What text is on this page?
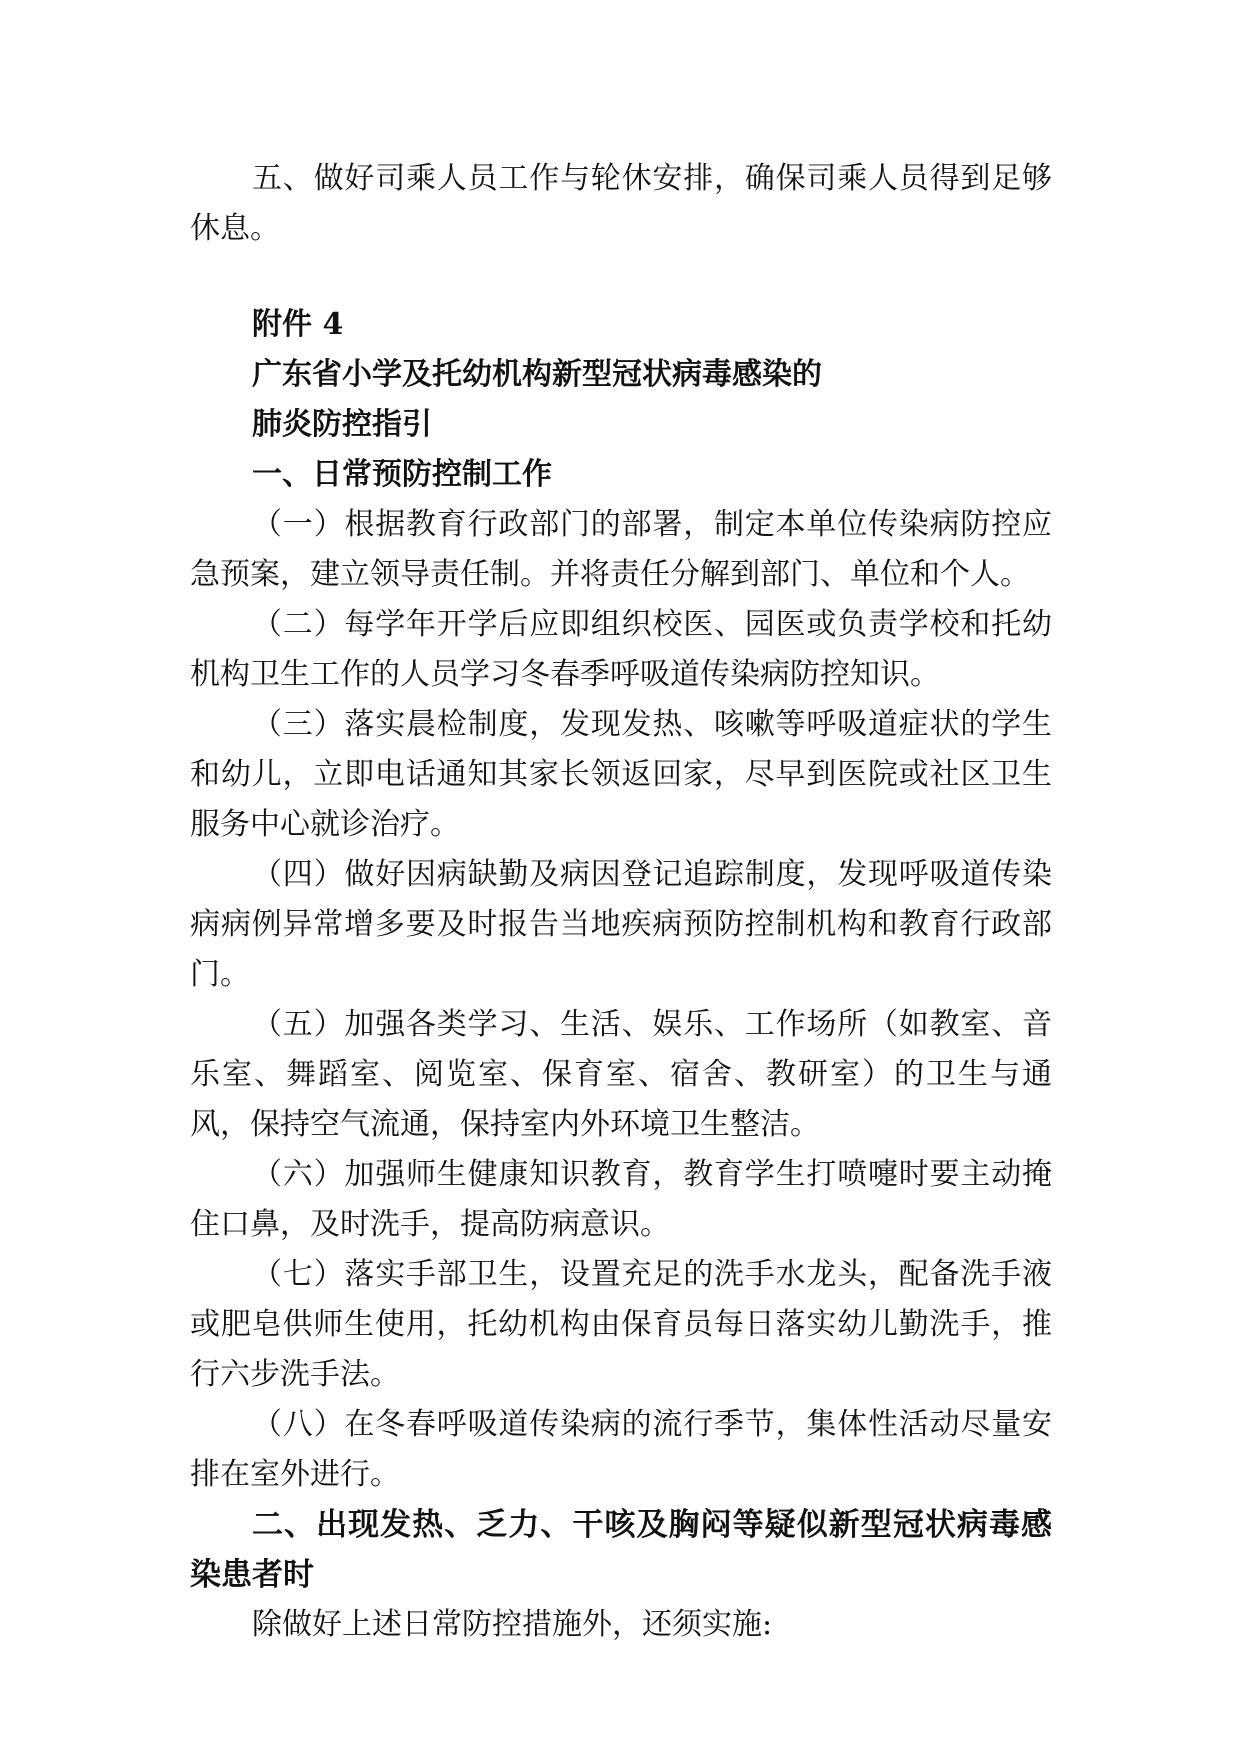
五、做好司乘人员工作与轮休安排，确保司乘人员得到足够休息。

附件 4
广东省小学及托幼机构新型冠状病毒感染的
肺炎防控指引
一、日常预防控制工作

（一）根据教育行政部门的部署，制定本单位传染病防控应急预案，建立领导责任制。并将责任分解到部门、单位和个人。

（二）每学年开学后应即组织校医、园医或负责学校和托幼机构卫生工作的人员学习冬春季呼吸道传染病防控知识。

（三）落实晨检制度，发现发热、咳嗽等呼吸道症状的学生和幼儿，立即电话通知其家长领返回家，尽早到医院或社区卫生服务中心就诊治疗。

（四）做好因病缺勤及病因登记追踪制度，发现呼吸道传染病病例异常增多要及时报告当地疾病预防控制机构和教育行政部门。

（五）加强各类学习、生活、娱乐、工作场所（如教室、音乐室、舞蹈室、阅览室、保育室、宿舍、教研室）的卫生与通风，保持空气流通，保持室内外环境卫生整洁。

（六）加强师生健康知识教育，教育学生打喷嚏时要主动掩住口鼻，及时洗手，提高防病意识。

（七）落实手部卫生，设置充足的洗手水龙头，配备洗手液或肥皂供师生使用，托幼机构由保育员每日落实幼儿勤洗手，推行六步洗手法。

（八）在冬春呼吸道传染病的流行季节，集体性活动尽量安排在室外进行。

二、出现发热、乏力、干咳及胸闷等疑似新型冠状病毒感染患者时

除做好上述日常防控措施外，还须实施:
